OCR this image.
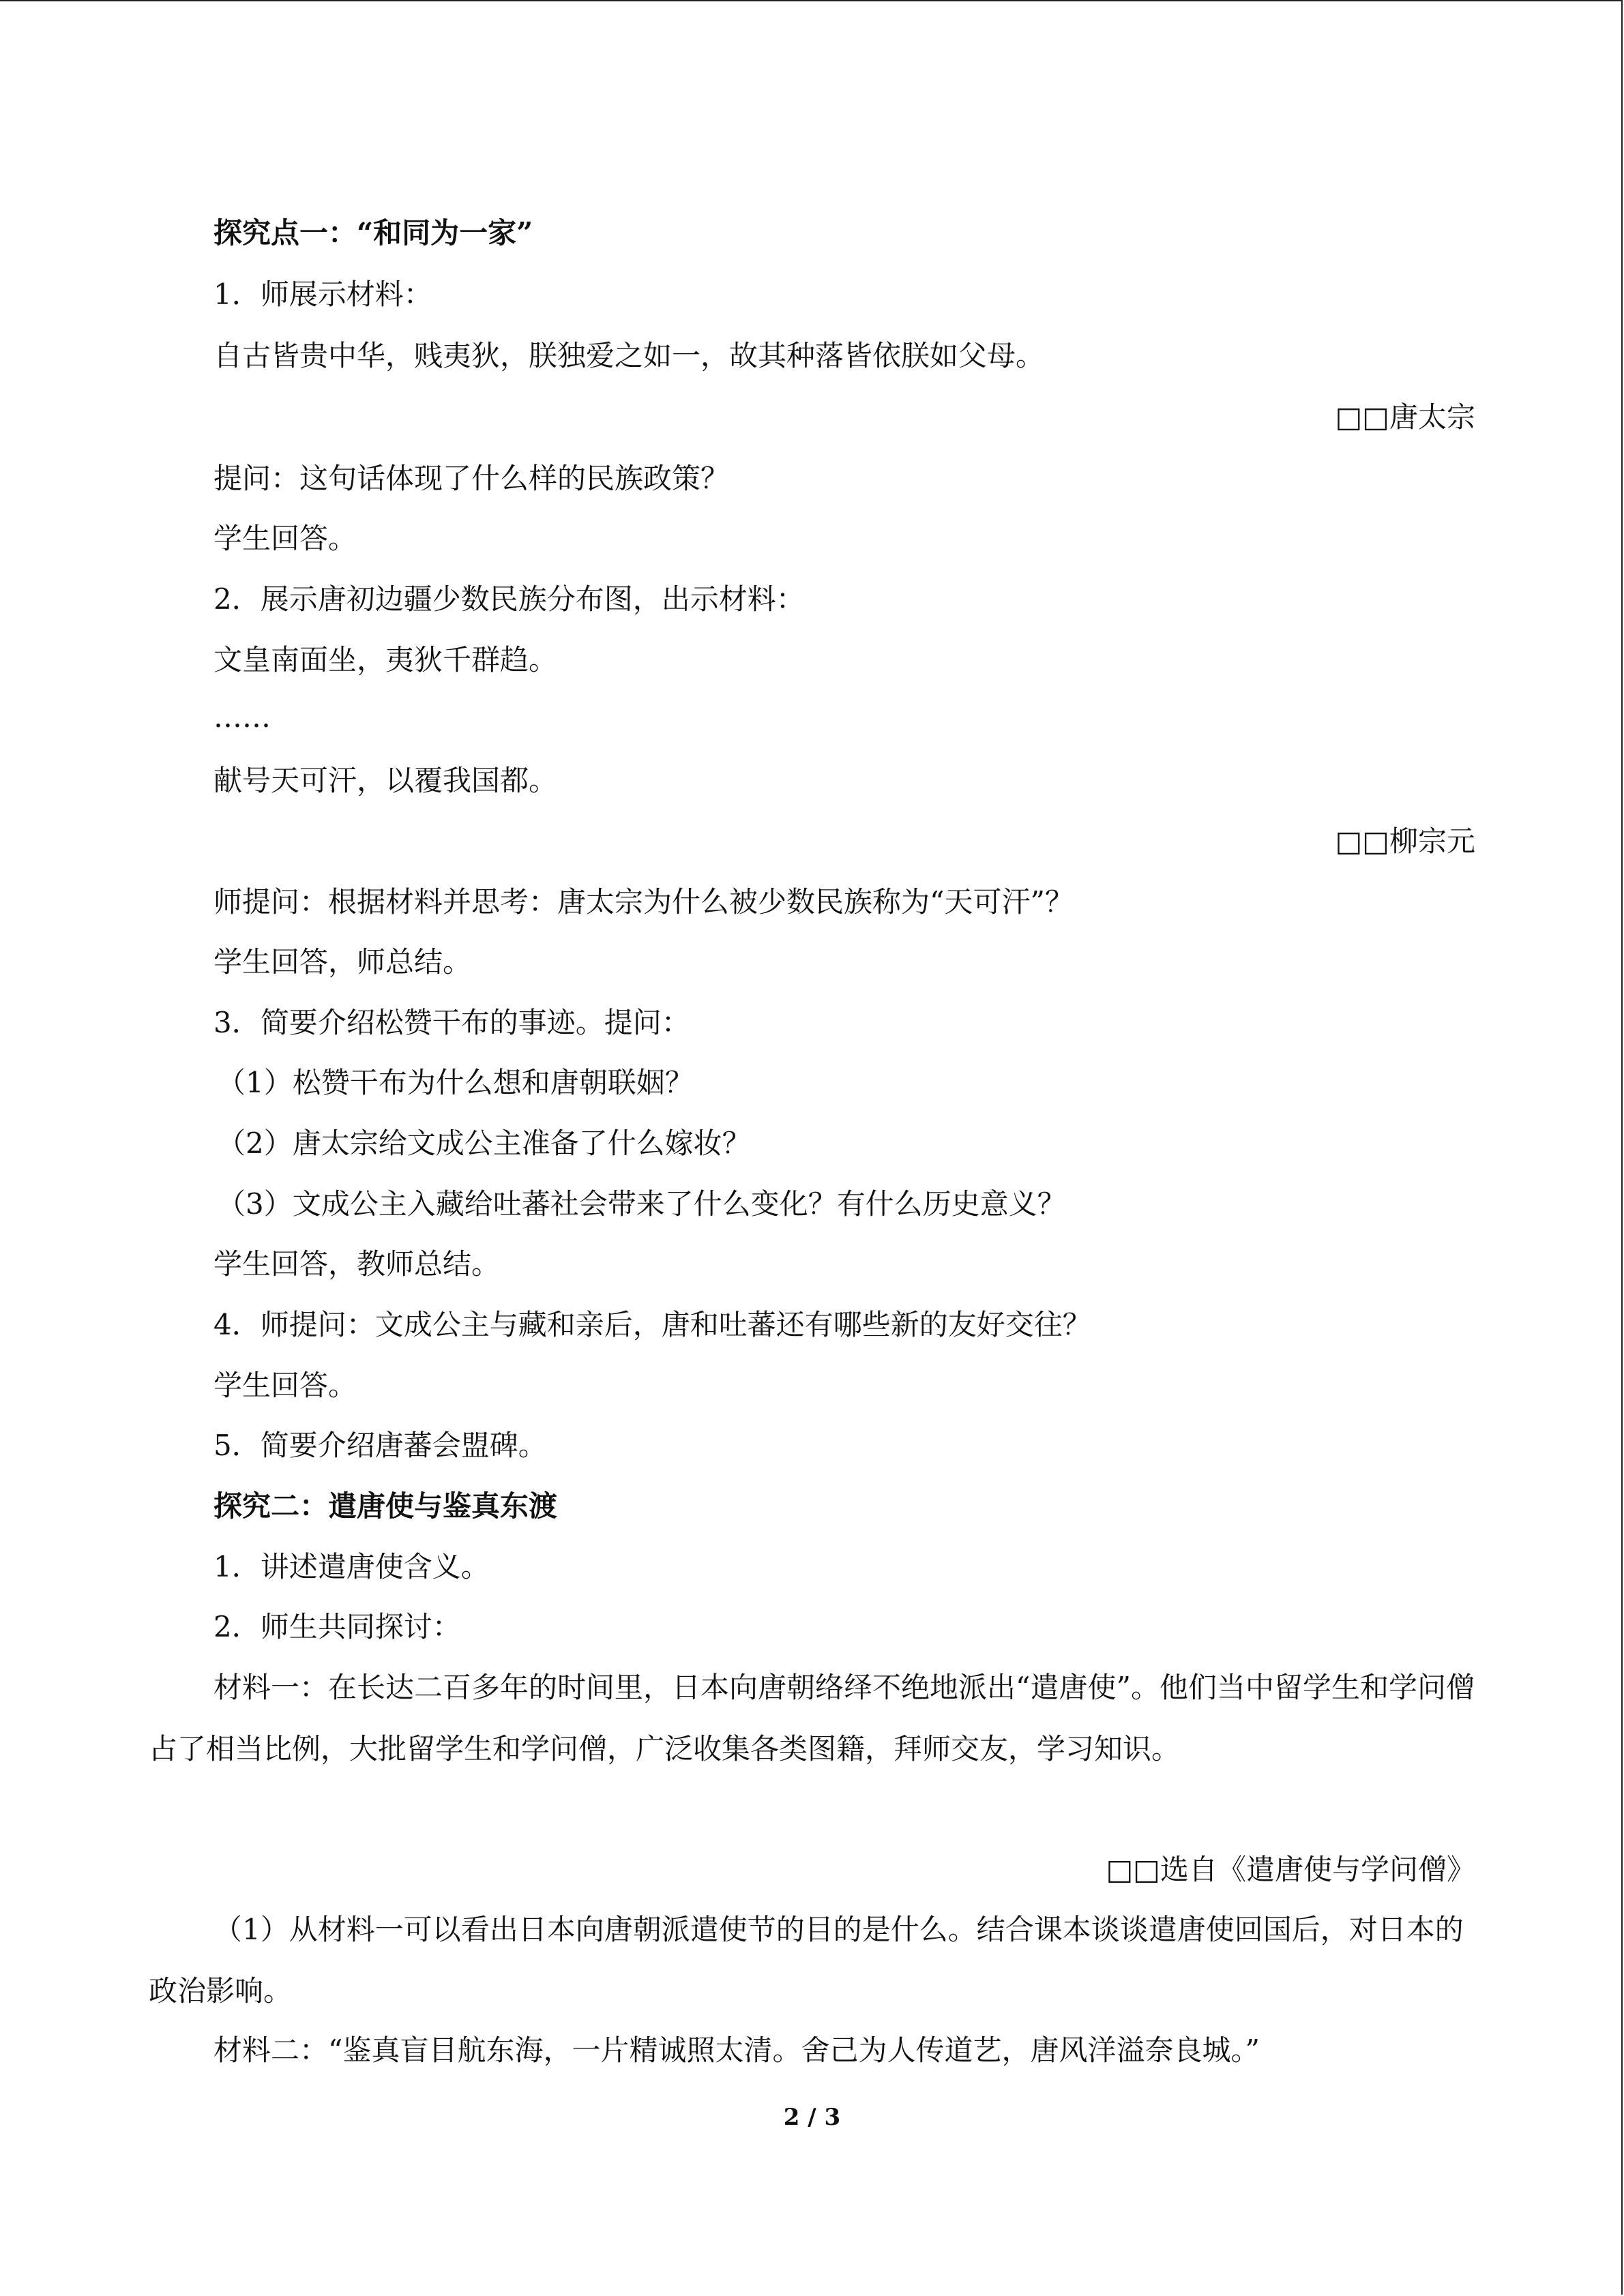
探究点一：“和同为一家”
1．师展示材料：
自古皆贵中华，贱夷狄，朕独爱之如一，故其种落皆依朕如父母。
□□唐太宗
提问：这句话体现了什么样的民族政策？
学生回答。
2．展示唐初边疆少数民族分布图，出示材料：
文皇南面坐，夷狄千群趋。
……
献号天可汗，以覆我国都。
□□柳宗元
师提问：根据材料并思考：唐太宗为什么被少数民族称为“天可汗”？
学生回答，师总结。
3．简要介绍松赞干布的事迹。提问：
（1）松赞干布为什么想和唐朝联姻？
（2）唐太宗给文成公主准备了什么嫁妆？
（3）文成公主入藏给吐蕃社会带来了什么变化？有什么历史意义？
学生回答，教师总结。
4．师提问：文成公主与藏和亲后，唐和吐蕃还有哪些新的友好交往？
学生回答。
5．简要介绍唐蕃会盟碑。
探究二：遣唐使与鉴真东渡
1．讲述遣唐使含义。
2．师生共同探讨：
材料一：在长达二百多年的时间里，日本向唐朝络绎不绝地派出“遣唐使”。他们当中留学生和学问僧占了相当比例，大批留学生和学问僧，广泛收集各类图籍，拜师交友，学习知识。
□□选自《遣唐使与学问僧》
（1）从材料一可以看出日本向唐朝派遣使节的目的是什么。结合课本谈谈遣唐使回国后，对日本的政治影响。
材料二：“鉴真盲目航东海，一片精诚照太清。舍己为人传道艺，唐风洋溢奈良城。”
2 / 3
